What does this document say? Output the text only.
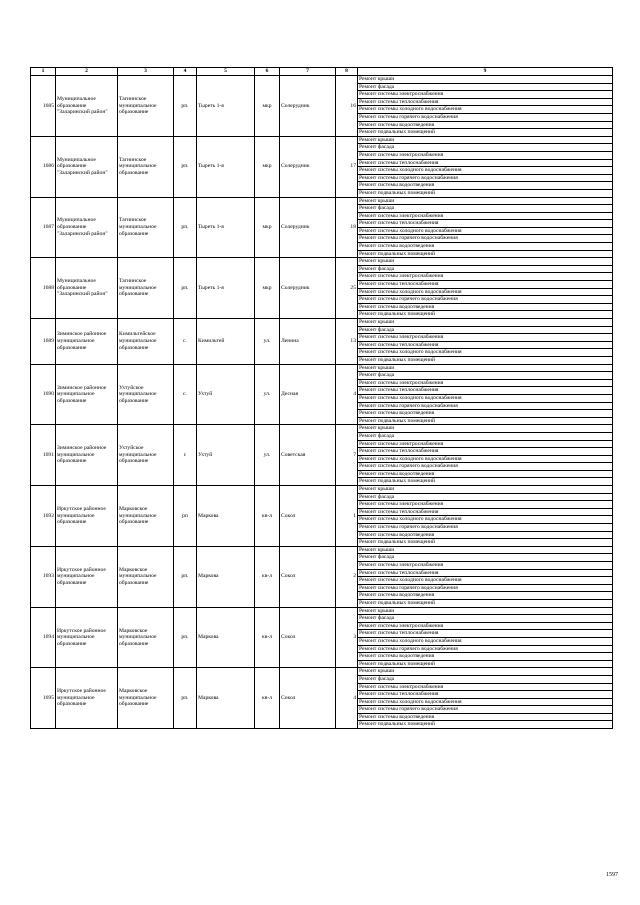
1	2	3	4	5	6	7	8	9
1685	Муниципальное образование "Заларинский район"	Тагнинское муниципальное образование	рп.	Тыреть 1-я	мкр	Солерудник	16	Ремонт крыши
								Ремонт фасада
								Ремонт системы электроснабжения
								Ремонт системы теплоснабжения
								Ремонт системы холодного водоснабжения
								Ремонт системы горячего водоснабжения
								Ремонт системы водоотведения
								Ремонт подвальных помещений
1686	Муниципальное образование "Заларинский район"	Тагнинское муниципальное образование	рп.	Тыреть 1-я	мкр	Солерудник	17	Ремонт крыши
								Ремонт фасада
								Ремонт системы электроснабжения
								Ремонт системы теплоснабжения
								Ремонт системы холодного водоснабжения
								Ремонт системы горячего водоснабжения
								Ремонт системы водоотведения
								Ремонт подвальных помещений
1687	Муниципальное образование "Заларинский район"	Тагнинское муниципальное образование	рп.	Тыреть 1-я	мкр	Солерудник	18	Ремонт крыши
								Ремонт фасада
								Ремонт системы электроснабжения
								Ремонт системы теплоснабжения
								Ремонт системы холодного водоснабжения
								Ремонт системы горячего водоснабжения
								Ремонт системы водоотведения
								Ремонт подвальных помещений
1688	Муниципальное образование "Заларинский район"	Тагнинское муниципальное образование	рп.	Тыреть 1-я	мкр	Солерудник	25	Ремонт крыши
								Ремонт фасада
								Ремонт системы электроснабжения
								Ремонт системы теплоснабжения
								Ремонт системы холодного водоснабжения
								Ремонт системы горячего водоснабжения
								Ремонт системы водоотведения
								Ремонт подвальных помещений
1689	Зиминское районное муниципальное образование	Кимильтейское муниципальное образование	с.	Кимильтей	ул.	Ленина	13	Ремонт крыши
								Ремонт фасада
								Ремонт системы электроснабжения
								Ремонт системы теплоснабжения
								Ремонт системы холодного водоснабжения
								Ремонт подвальных помещений
1690	Зиминское районное муниципальное образование	Ухтуйское муниципальное образование	с.	Ухтуй	ул.	Десная	4	Ремонт крыши
								Ремонт фасада
								Ремонт системы электроснабжения
								Ремонт системы теплоснабжения
								Ремонт системы холодного водоснабжения
								Ремонт системы горячего водоснабжения
								Ремонт системы водоотведения
								Ремонт подвальных помещений
1691	Зиминское районное муниципальное образование	Ухтуйское муниципальное образование	с	Ухтуй	ул.	Советская	7	Ремонт крыши
								Ремонт фасада
								Ремонт системы электроснабжения
								Ремонт системы теплоснабжения
								Ремонт системы холодного водоснабжения
								Ремонт системы горячего водоснабжения
								Ремонт системы водоотведения
								Ремонт подвальных помещений
1692	Иркутское районное муниципальное образование	Марковское муниципальное образование	рп	Маркова	кв-л	Сокол	1	Ремонт крыши
								Ремонт фасада
								Ремонт системы электроснабжения
								Ремонт системы теплоснабжения
								Ремонт системы холодного водоснабжения
								Ремонт системы горячего водоснабжения
								Ремонт системы водоотведения
								Ремонт подвальных помещений
1693	Иркутское районное муниципальное образование	Марковское муниципальное образование	рп.	Маркова	кв-л	Сокол	2	Ремонт крыши
								Ремонт фасада
								Ремонт системы электроснабжения
								Ремонт системы теплоснабжения
								Ремонт системы холодного водоснабжения
								Ремонт системы горячего водоснабжения
								Ремонт системы водоотведения
								Ремонт подвальных помещений
1694	Иркутское районное муниципальное образование	Марковское муниципальное образование	рп.	Маркова	кв-л	Сокол	3	Ремонт крыши
								Ремонт фасада
								Ремонт системы электроснабжения
								Ремонт системы теплоснабжения
								Ремонт системы холодного водоснабжения
								Ремонт системы горячего водоснабжения
								Ремонт системы водоотведения
								Ремонт подвальных помещений
1695	Иркутское районное муниципальное образование	Марковское муниципальное образование	рп.	Маркова	кв-л	Сокол	4	Ремонт крыши
								Ремонт фасада
								Ремонт системы электроснабжения
								Ремонт системы теплоснабжения
								Ремонт системы холодного водоснабжения
								Ремонт системы горячего водоснабжения
								Ремонт системы водоотведения
								Ремонт подвальных помещений
1597
